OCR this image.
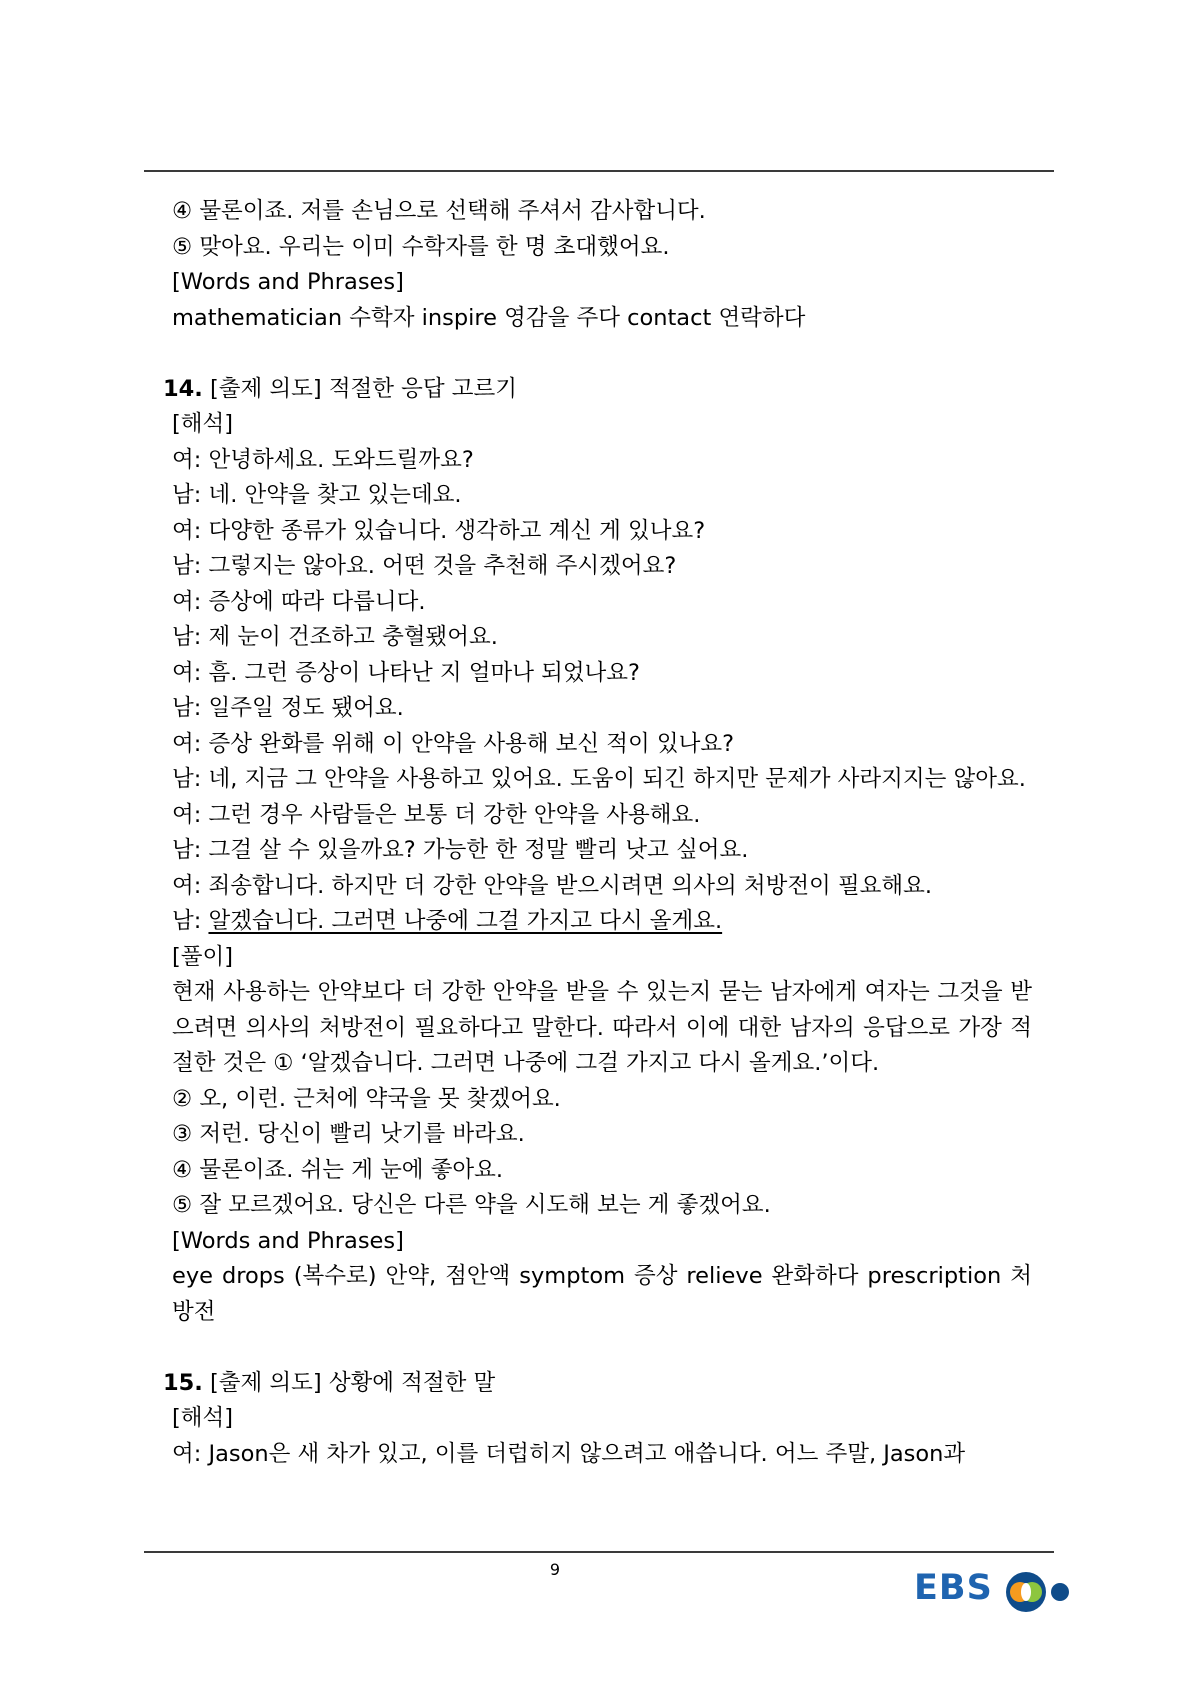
④ 물론이죠. 저를 손님으로 선택해 주셔서 감사합니다.

⑤ 맞아요. 우리는 이미 수학자를 한 명 초대했어요.

[Words and Phrases]

mathematician 수학자 inspire 영감을 주다 contact 연락하다

14. [출제 의도] 적절한 응답 고르기

[해석]

여: 안녕하세요. 도와드릴까요?

남: 네. 안약을 찾고 있는데요.

여: 다양한 종류가 있습니다. 생각하고 계신 게 있나요?

남: 그렇지는 않아요. 어떤 것을 추천해 주시겠어요?

여: 증상에 따라 다릅니다.

남: 제 눈이 건조하고 충혈됐어요.

여: 흠. 그런 증상이 나타난 지 얼마나 되었나요?

남: 일주일 정도 됐어요.

여: 증상 완화를 위해 이 안약을 사용해 보신 적이 있나요?

남: 네, 지금 그 안약을 사용하고 있어요. 도움이 되긴 하지만 문제가 사라지지는 않아요.

여: 그런 경우 사람들은 보통 더 강한 안약을 사용해요.

남: 그걸 살 수 있을까요? 가능한 한 정말 빨리 낫고 싶어요.

여: 죄송합니다. 하지만 더 강한 안약을 받으시려면 의사의 처방전이 필요해요.

남: 알겠습니다. 그러면 나중에 그걸 가지고 다시 올게요.

[풀이]

현재 사용하는 안약보다 더 강한 안약을 받을 수 있는지 묻는 남자에게 여자는 그것을 받으려면 의사의 처방전이 필요하다고 말한다. 따라서 이에 대한 남자의 응답으로 가장 적절한 것은 ① ‘알겠습니다. 그러면 나중에 그걸 가지고 다시 올게요.’이다.

② 오, 이런. 근처에 약국을 못 찾겠어요.

③ 저런. 당신이 빨리 낫기를 바라요.

④ 물론이죠. 쉬는 게 눈에 좋아요.

⑤ 잘 모르겠어요. 당신은 다른 약을 시도해 보는 게 좋겠어요.

[Words and Phrases]

eye drops (복수로) 안약, 점안액 symptom 증상 relieve 완화하다 prescription 처방전

15. [출제 의도] 상황에 적절한 말

[해석]

여: Jason은 새 차가 있고, 이를 더럽히지 않으려고 애씁니다. 어느 주말, Jason과

9	EBS
